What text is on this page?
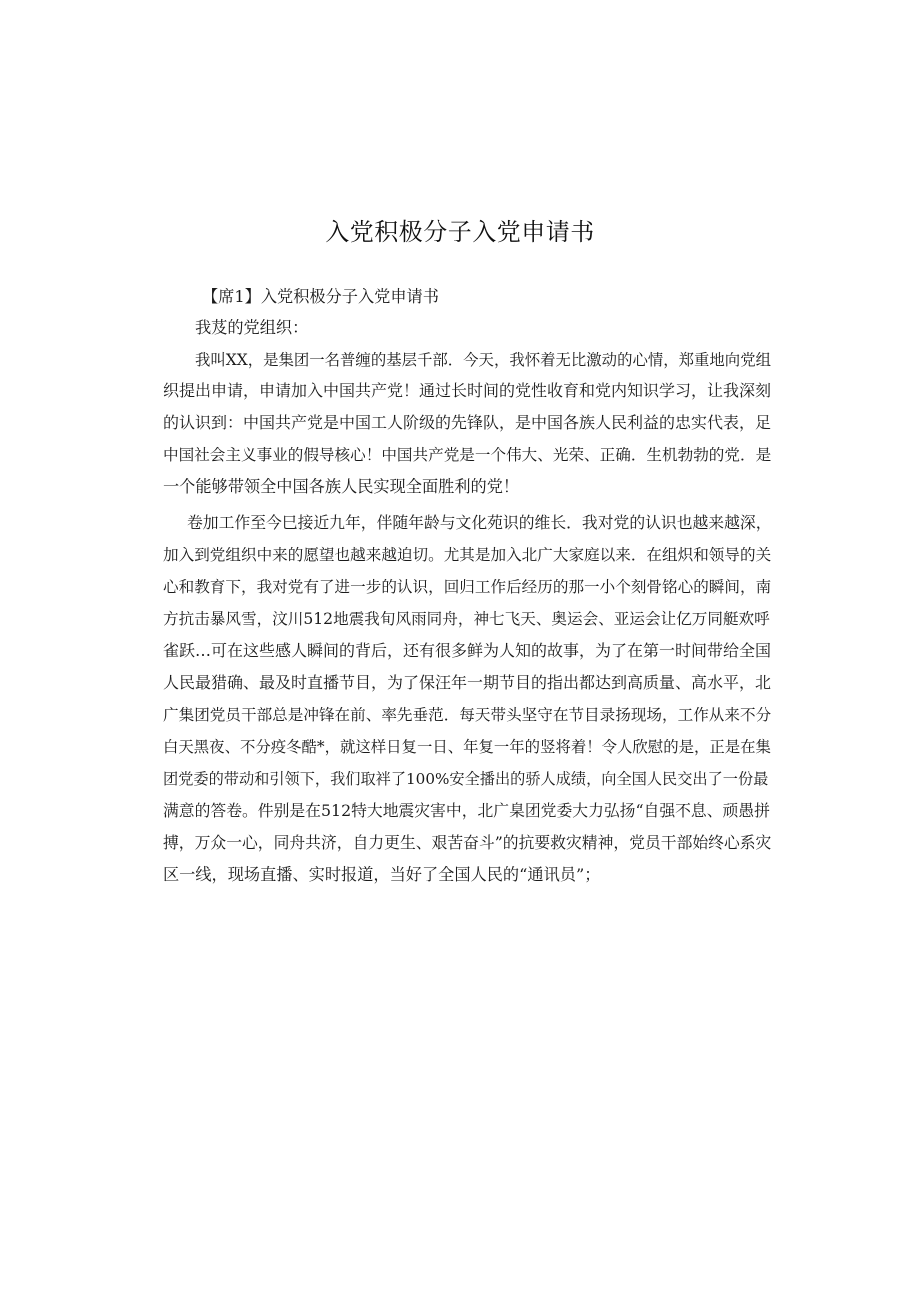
入党积极分子入党申请书
【席1】入党积极分子入党申请书
我芨的党组织：
我叫XX，是集团一名普缠的基层千部．今天，我怀着无比激动的心情，郑重地向党组
织提出申请，申请加入中国共产党！通过长时间的党性收育和党内知识学习，让我深刻
的认识到：中国共产党是中国工人阶级的先锋队，是中国各族人民利益的忠实代表，足
中国社会主义事业的假导核心！中国共产党是一个伟大、光荣、正确．生机勃勃的党．是
一个能够带领全中国各族人民实现全面胜利的党！
卷加工作至今巳接近九年，伴随年龄与文化苑识的维长．我对党的认识也越来越深，
加入到党组织中来的愿望也越来越迫切。尤其是加入北广大家庭以来．在组炽和领导的关
心和教育下，我对党有了进一步的认识，回归工作后经历的那一小个刻骨铭心的瞬间，南
方抗击暴风雪，汶川512地震我旬风雨同舟，神七飞天、奥运会、亚运会让亿万同艇欢呼
雀跃…可在这些感人瞬间的背后，还有很多鲜为人知的故事，为了在第一时间带给全国
人民最猎确、最及时直播节目，为了保汪年一期节目的指出都达到高质量、高水平，北
广集团党员干部总是冲锋在前、率先垂范．每天带头坚守在节目录扬现场，工作从来不分
白天黑夜、不分疫冬酷*，就这样日复一日、年复一年的竖将着！令人欣慰的是，正是在集
团党委的带动和引领下，我们取袢了100%安全播出的骄人成绩，向全国人民交出了一份最
满意的答卷。件别是在512特大地震灾害中，北广臬团党委大力弘扬“自强不息、顽愚拼
搏，万众一心，同舟共济，自力更生、艰苦奋斗”的抗要救灾精神，党员干部始终心系灾
区一线，现场直播、实时报道，当好了全国人民的“通讯员”；
